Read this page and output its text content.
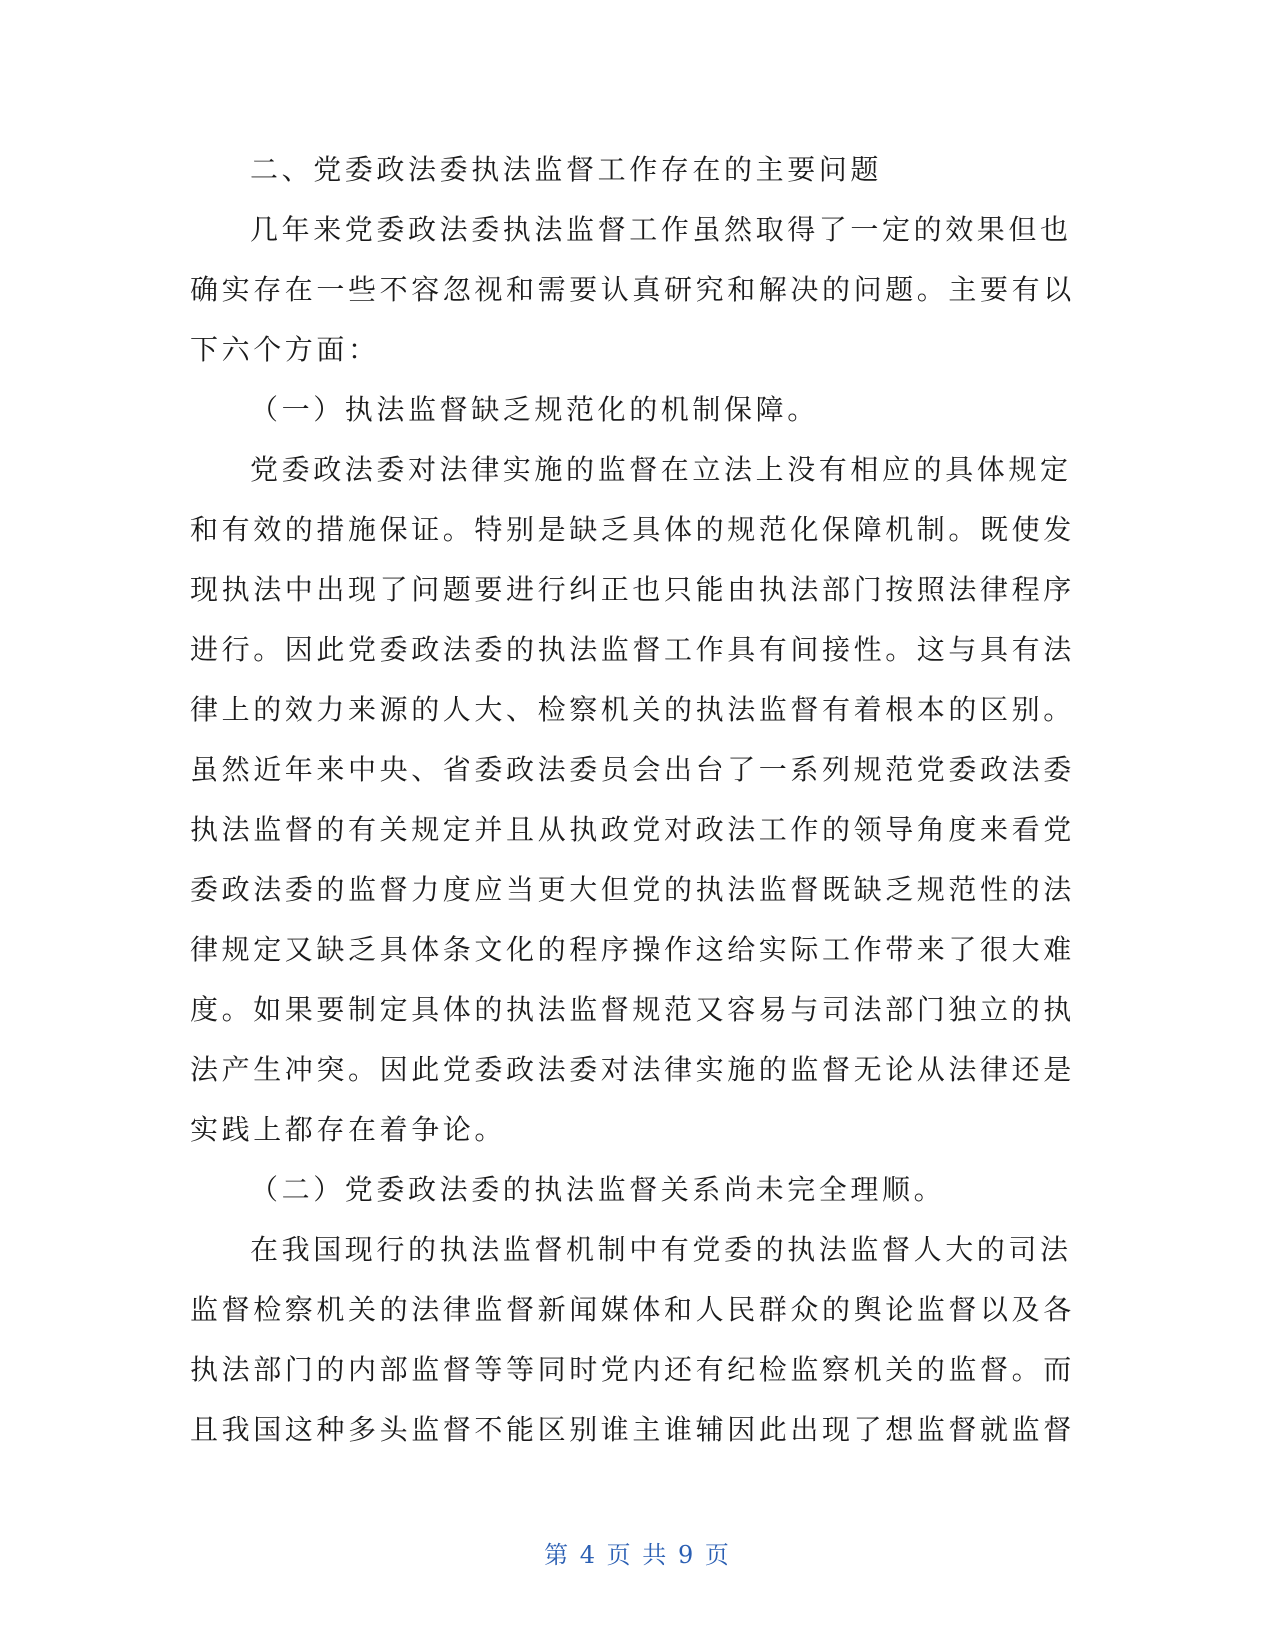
二、党委政法委执法监督工作存在的主要问题
几年来党委政法委执法监督工作虽然取得了一定的效果但也
确实存在一些不容忽视和需要认真研究和解决的问题。主要有以
下六个方面：
（一）执法监督缺乏规范化的机制保障。
党委政法委对法律实施的监督在立法上没有相应的具体规定
和有效的措施保证。特别是缺乏具体的规范化保障机制。既使发
现执法中出现了问题要进行纠正也只能由执法部门按照法律程序
进行。因此党委政法委的执法监督工作具有间接性。这与具有法
律上的效力来源的人大、检察机关的执法监督有着根本的区别。
虽然近年来中央、省委政法委员会出台了一系列规范党委政法委
执法监督的有关规定并且从执政党对政法工作的领导角度来看党
委政法委的监督力度应当更大但党的执法监督既缺乏规范性的法
律规定又缺乏具体条文化的程序操作这给实际工作带来了很大难
度。如果要制定具体的执法监督规范又容易与司法部门独立的执
法产生冲突。因此党委政法委对法律实施的监督无论从法律还是
实践上都存在着争论。
（二）党委政法委的执法监督关系尚未完全理顺。
在我国现行的执法监督机制中有党委的执法监督人大的司法
监督检察机关的法律监督新闻媒体和人民群众的舆论监督以及各
执法部门的内部监督等等同时党内还有纪检监察机关的监督。而
且我国这种多头监督不能区别谁主谁辅因此出现了想监督就监督
第 4 页 共 9 页
